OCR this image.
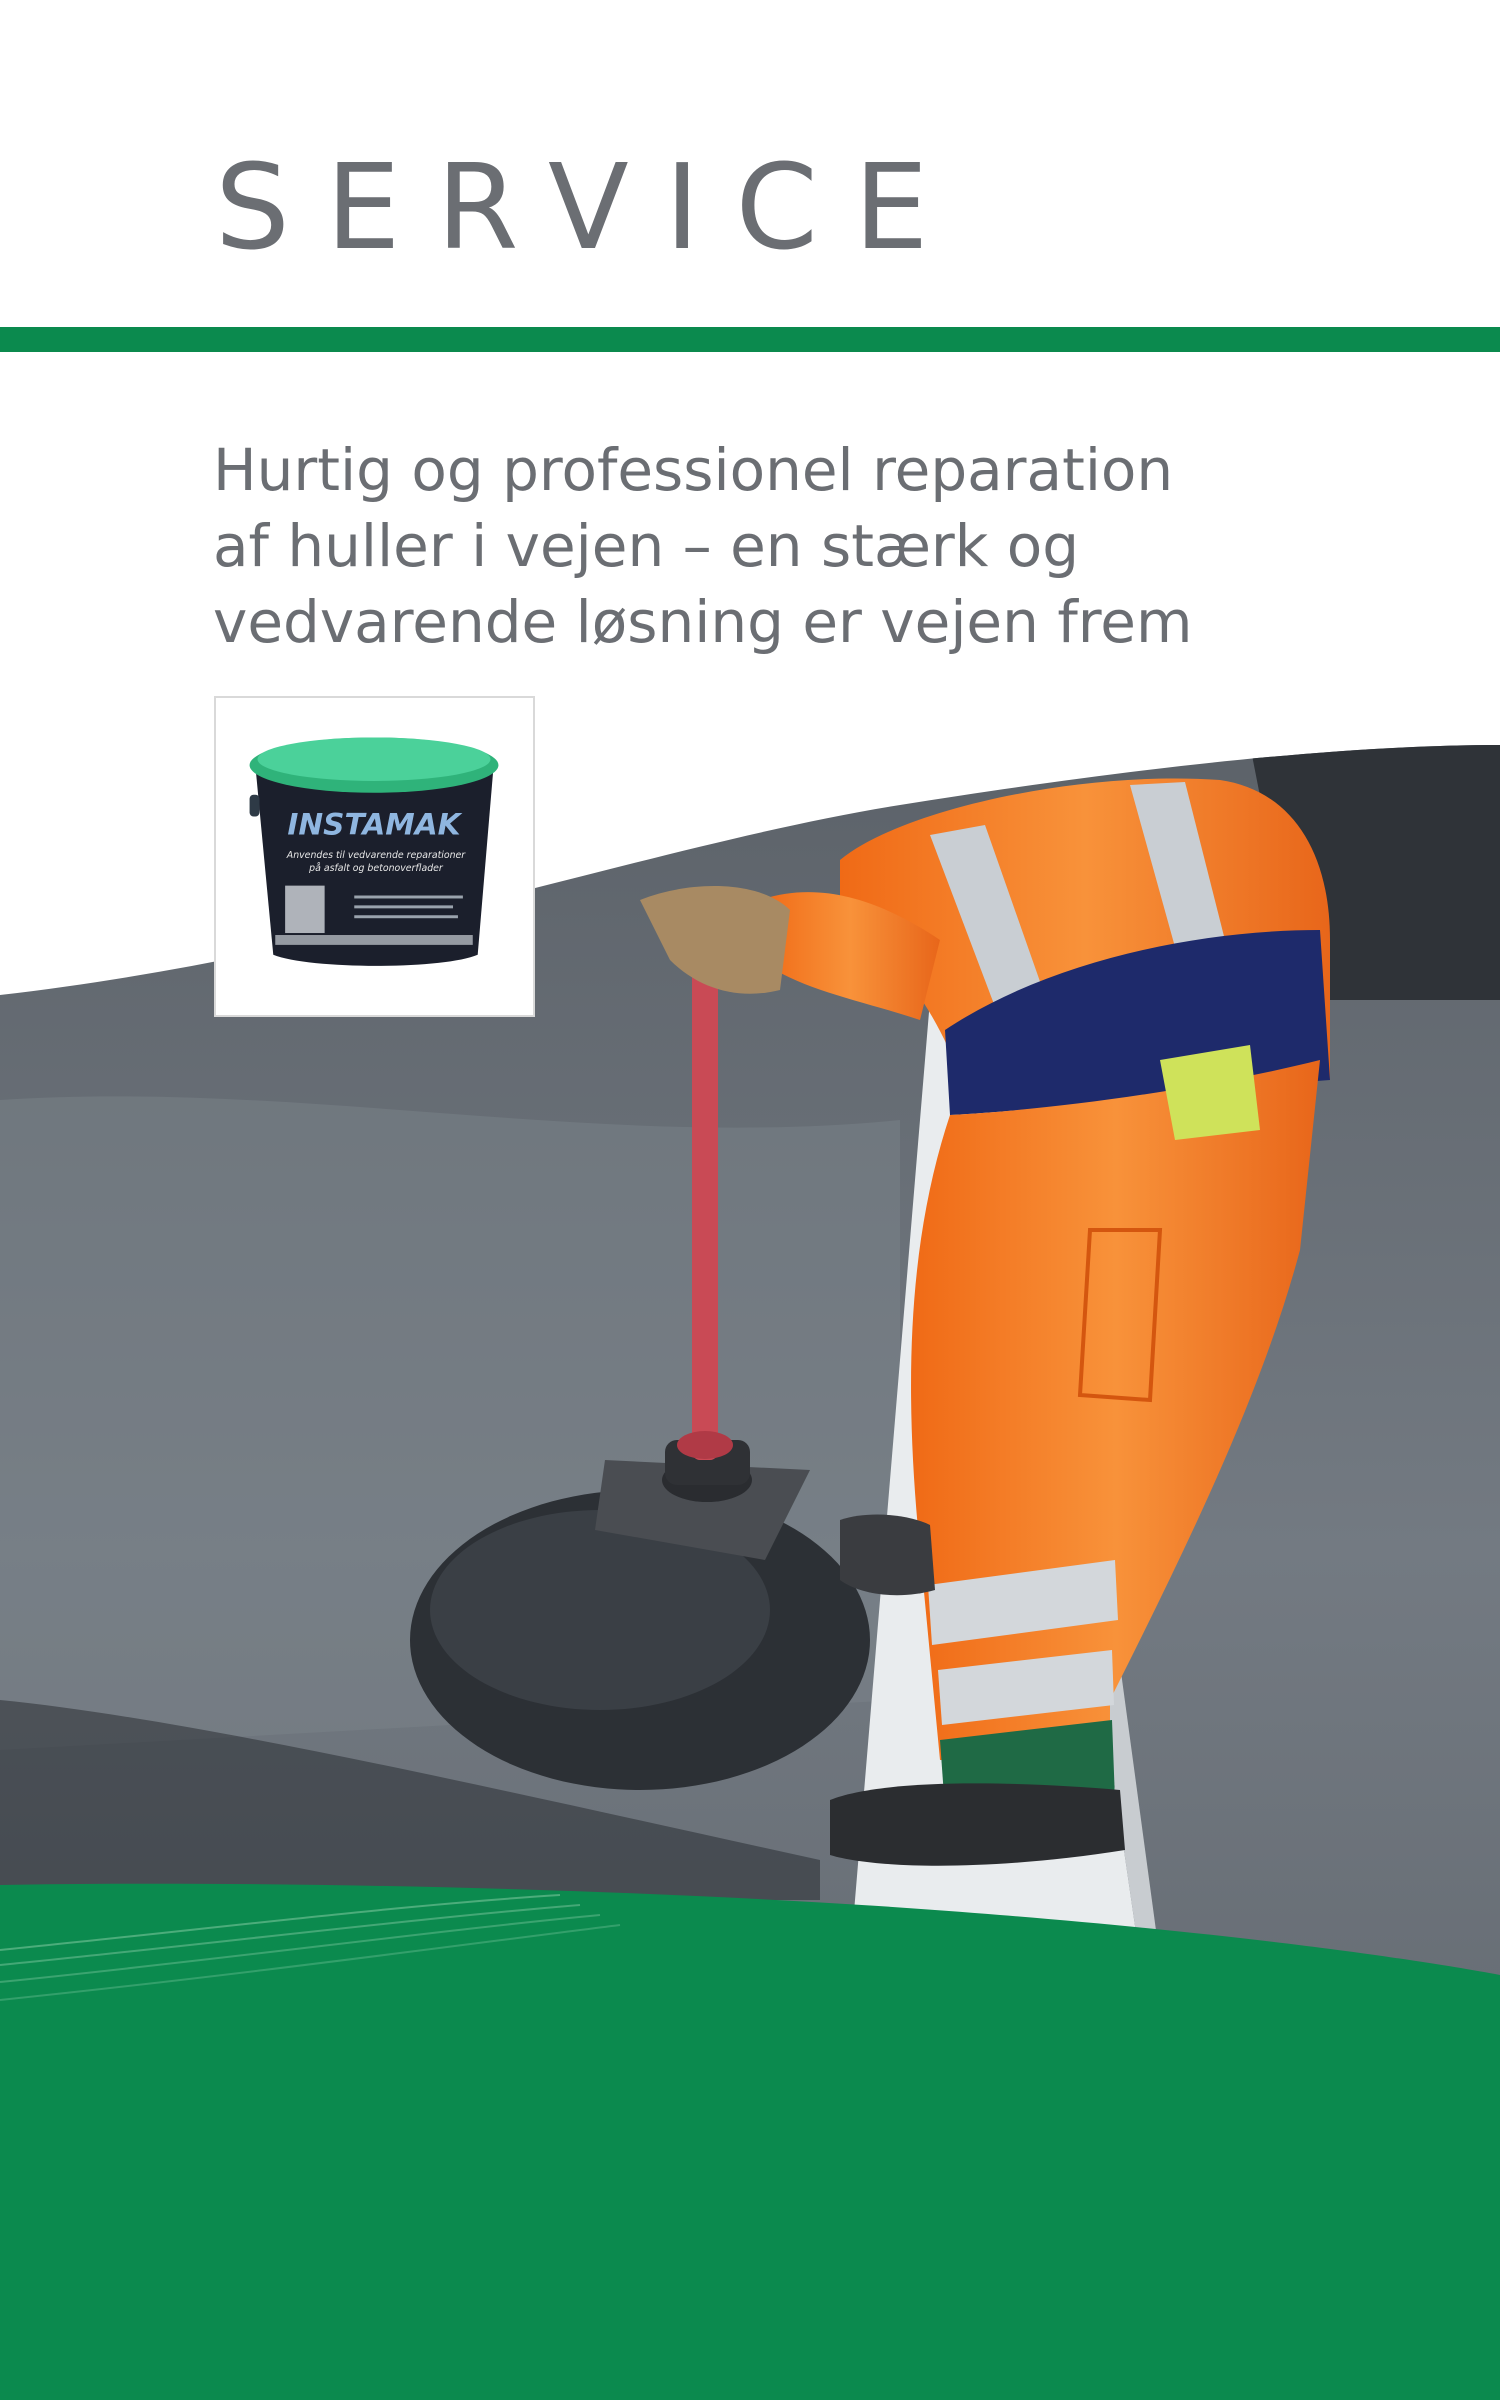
SERVICE
Hurtig og professionel reparation
af huller i vejen – en stærk og
vedvarende løsning er vejen frem
INSTAMAK
Anvendes til vedvarende reparationer
på asfalt og betonoverflader
